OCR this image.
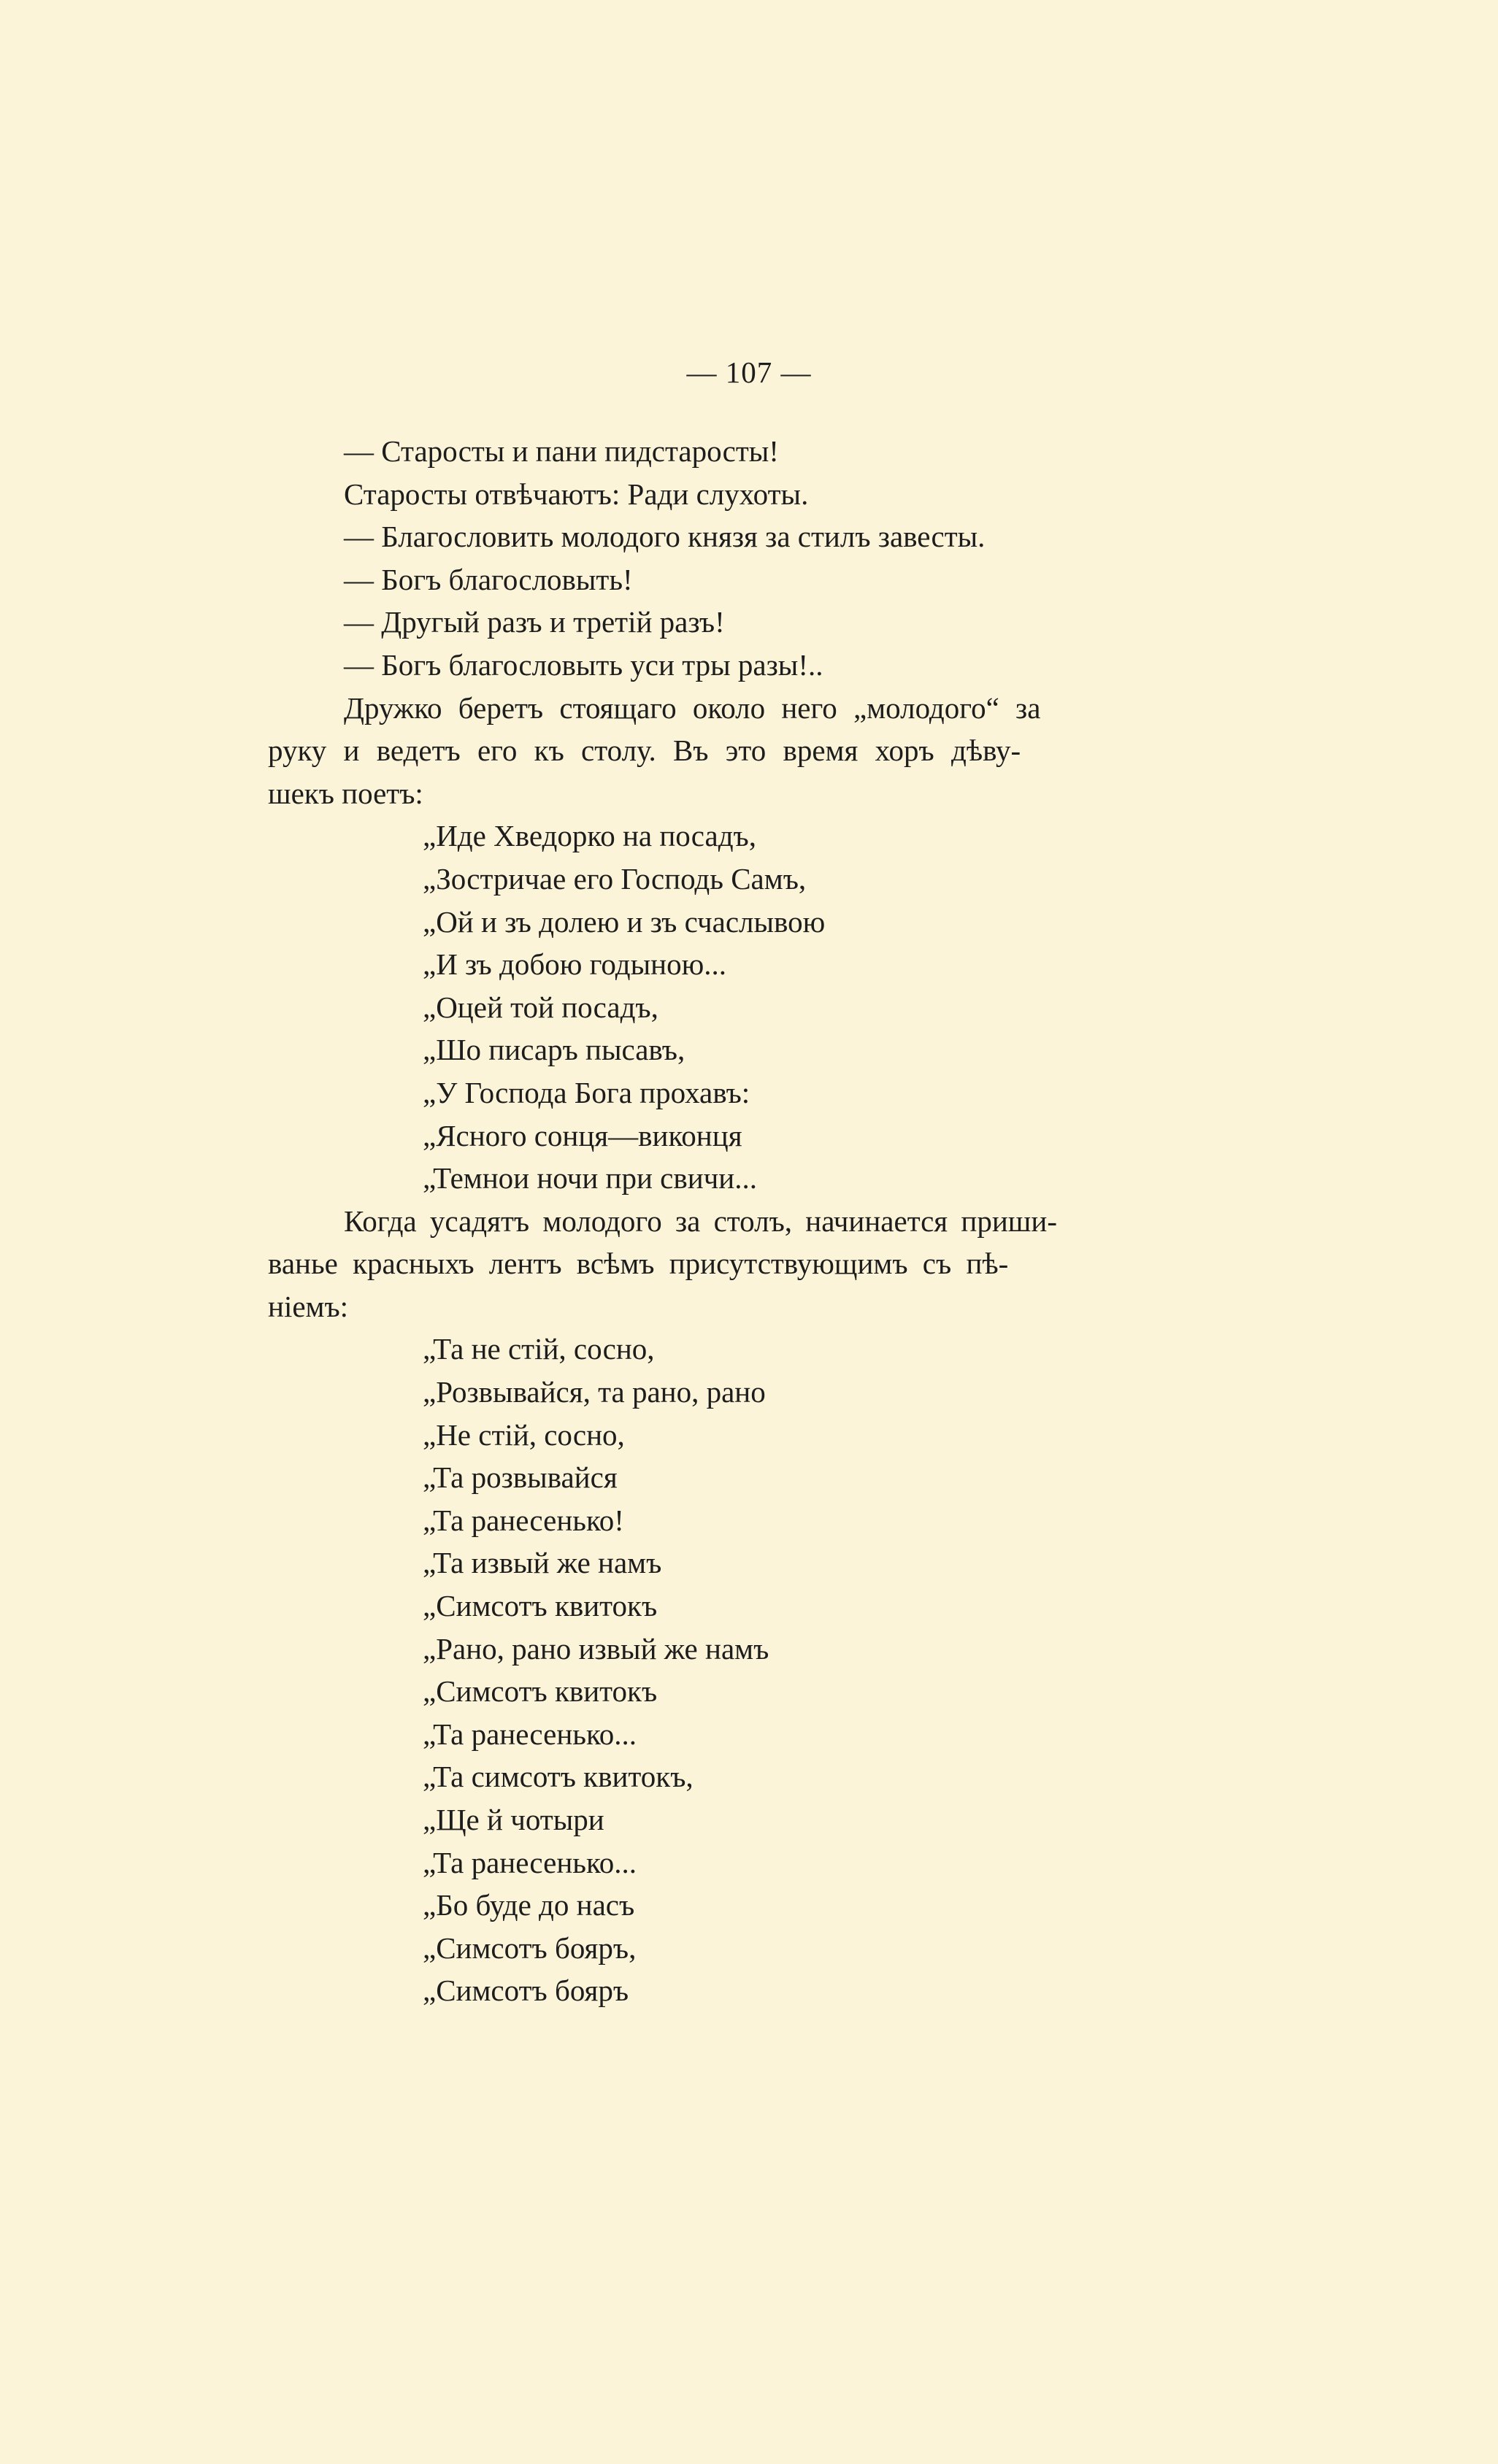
— 107 —
— Старосты и пани пидстаросты!
Старосты отвѣчаютъ: Ради слухоты.
— Благословить молодого князя за стилъ завесты.
— Богъ благословыть!
— Другый разъ и третій разъ!
— Богъ благословыть уси тры разы!..
Дружко беретъ стоящаго около него „молодого“ за
руку и ведетъ его къ столу. Въ это время хоръ дѣву-
шекъ поетъ:
„Иде Хведорко на посадъ,
„Зостричае его Господь Самъ,
„Ой и зъ долею и зъ счаслывою
„И зъ добою годыною...
„Оцей той посадъ,
„Шо писаръ пысавъ,
„У Господа Бога прохавъ:
„Ясного сонця—виконця
„Темнои ночи при свичи...
Когда усадятъ молодого за столъ, начинается приши-
ванье красныхъ лентъ всѣмъ присутствующимъ съ пѣ-
ніемъ:
„Та не стій, сосно,
„Розвывайся, та рано, рано
„Не стій, сосно,
„Та розвывайся
„Та ранесенько!
„Та извый же намъ
„Симсотъ квитокъ
„Рано, рано извый же намъ
„Симсотъ квитокъ
„Та ранесенько...
„Та симсотъ квитокъ,
„Ще й чотыри
„Та ранесенько...
„Бо буде до насъ
„Симсотъ бояръ,
„Симсотъ бояръ
